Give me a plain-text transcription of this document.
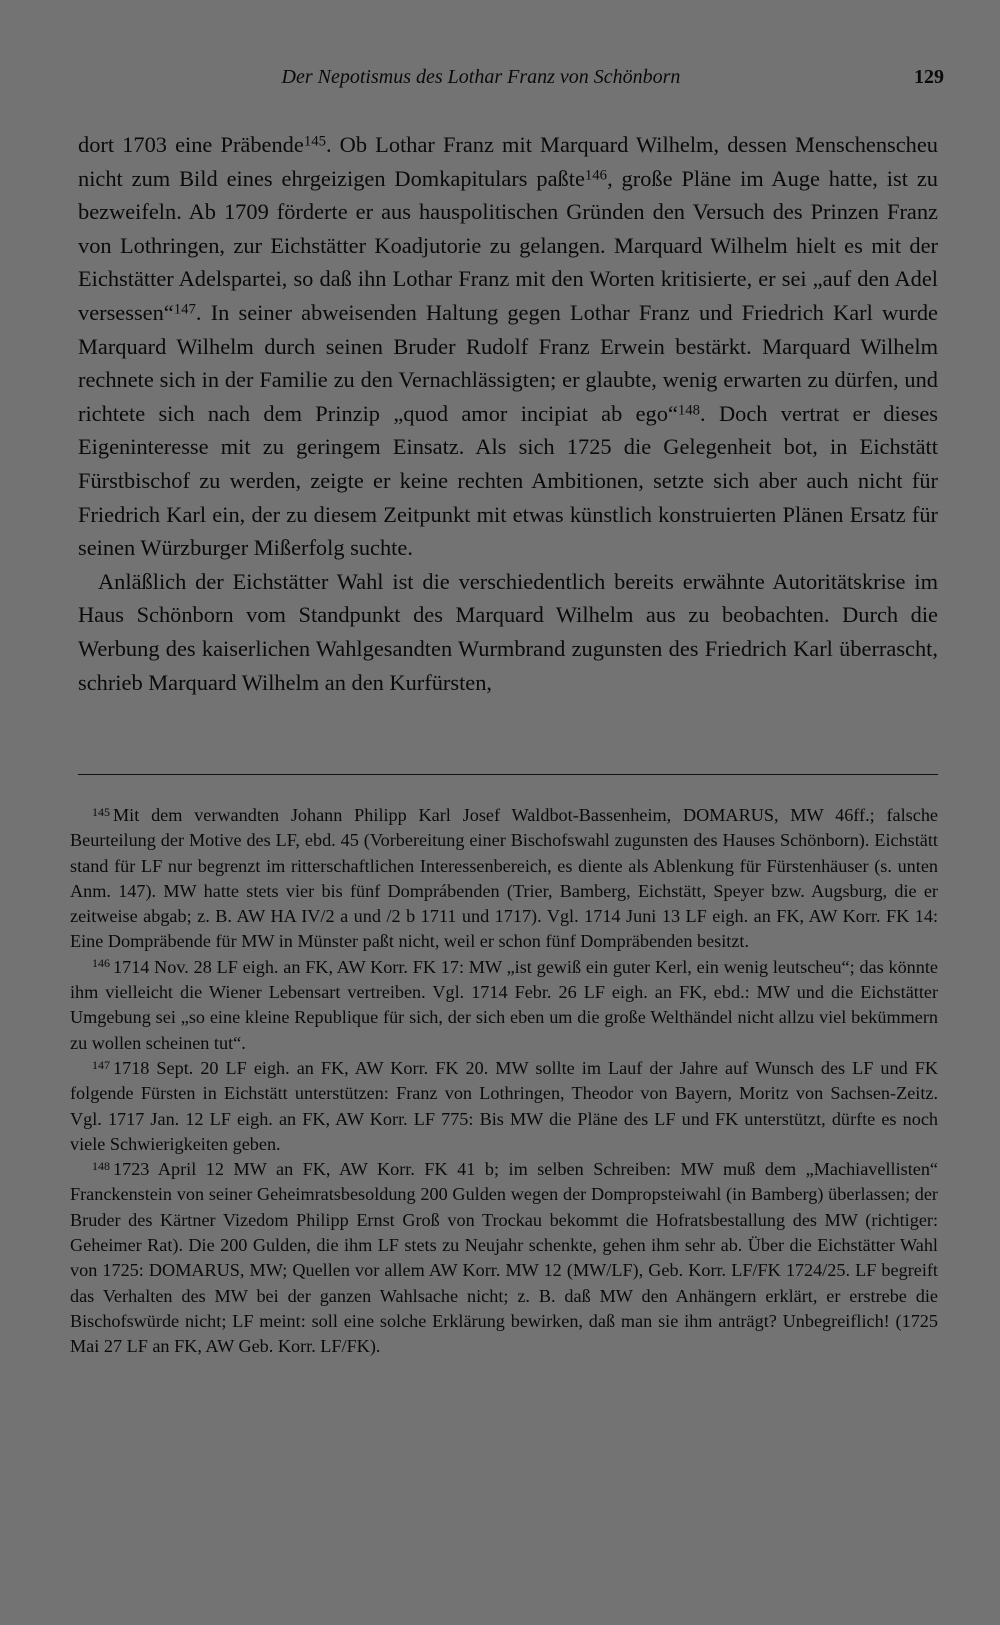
Der Nepotismus des Lothar Franz von Schönborn	129

dort 1703 eine Präbende$^{145}$. Ob Lothar Franz mit Marquard Wilhelm, dessen Menschenscheu nicht zum Bild eines ehrgeizigen Domkapitulars paßte$^{146}$, große Pläne im Auge hatte, ist zu bezweifeln. Ab 1709 förderte er aus hauspolitischen Gründen den Versuch des Prinzen Franz von Lothringen, zur Eichstätter Koadjutorie zu gelangen. Marquard Wilhelm hielt es mit der Eichstätter Adelspartei, so daß ihn Lothar Franz mit den Worten kritisierte, er sei „auf den Adel versessen“$^{147}$. In seiner abweisenden Haltung gegen Lothar Franz und Friedrich Karl wurde Marquard Wilhelm durch seinen Bruder Rudolf Franz Erwein bestärkt. Marquard Wilhelm rechnete sich in der Familie zu den Vernachlässigten; er glaubte, wenig erwarten zu dürfen, und richtete sich nach dem Prinzip „quod amor incipiat ab ego“$^{148}$. Doch vertrat er dieses Eigeninteresse mit zu geringem Einsatz. Als sich 1725 die Gelegenheit bot, in Eichstätt Fürstbischof zu werden, zeigte er keine rechten Ambitionen, setzte sich aber auch nicht für Friedrich Karl ein, der zu diesem Zeitpunkt mit etwas künstlich konstruierten Plänen Ersatz für seinen Würzburger Mißerfolg suchte.

Anläßlich der Eichstätter Wahl ist die verschiedentlich bereits erwähnte Autoritätskrise im Haus Schönborn vom Standpunkt des Marquard Wilhelm aus zu beobachten. Durch die Werbung des kaiserlichen Wahlgesandten Wurmbrand zugunsten des Friedrich Karl überrascht, schrieb Marquard Wilhelm an den Kurfürsten,

$^{145}$ Mit dem verwandten Johann Philipp Karl Josef Waldbot-Bassenheim, DOMARUS, MW 46ff.; falsche Beurteilung der Motive des LF, ebd. 45 (Vorbereitung einer Bischofswahl zugunsten des Hauses Schönborn). Eichstätt stand für LF nur begrenzt im ritterschaftlichen Interessenbereich, es diente als Ablenkung für Fürstenhäuser (s. unten Anm. 147). MW hatte stets vier bis fünf Domprábenden (Trier, Bamberg, Eichstätt, Speyer bzw. Augsburg, die er zeitweise abgab; z. B. AW HA IV/2 a und /2 b 1711 und 1717). Vgl. 1714 Juni 13 LF eigh. an FK, AW Korr. FK 14: Eine Dompräbende für MW in Münster paßt nicht, weil er schon fünf Dompräbenden besitzt.

$^{146}$ 1714 Nov. 28 LF eigh. an FK, AW Korr. FK 17: MW „ist gewiß ein guter Kerl, ein wenig leutscheu“; das könnte ihm vielleicht die Wiener Lebensart vertreiben. Vgl. 1714 Febr. 26 LF eigh. an FK, ebd.: MW und die Eichstätter Umgebung sei „so eine kleine Republique für sich, der sich eben um die große Welthändel nicht allzu viel bekümmern zu wollen scheinen tut“.

$^{147}$ 1718 Sept. 20 LF eigh. an FK, AW Korr. FK 20. MW sollte im Lauf der Jahre auf Wunsch des LF und FK folgende Fürsten in Eichstätt unterstützen: Franz von Lothringen, Theodor von Bayern, Moritz von Sachsen-Zeitz. Vgl. 1717 Jan. 12 LF eigh. an FK, AW Korr. LF 775: Bis MW die Pläne des LF und FK unterstützt, dürfte es noch viele Schwierigkeiten geben.

$^{148}$ 1723 April 12 MW an FK, AW Korr. FK 41 b; im selben Schreiben: MW muß dem „Machiavellisten“ Franckenstein von seiner Geheimratsbesoldung 200 Gulden wegen der Dompropsteiwahl (in Bamberg) überlassen; der Bruder des Kärtner Vizedom Philipp Ernst Groß von Trockau bekommt die Hofratsbestallung des MW (richtiger: Geheimer Rat). Die 200 Gulden, die ihm LF stets zu Neujahr schenkte, gehen ihm sehr ab. Über die Eichstätter Wahl von 1725: DOMARUS, MW; Quellen vor allem AW Korr. MW 12 (MW/LF), Geb. Korr. LF/FK 1724/25. LF begreift das Verhalten des MW bei der ganzen Wahlsache nicht; z. B. daß MW den Anhängern erklärt, er erstrebe die Bischofswürde nicht; LF meint: soll eine solche Erklärung bewirken, daß man sie ihm anträgt? Unbegreiflich! (1725 Mai 27 LF an FK, AW Geb. Korr. LF/FK).
